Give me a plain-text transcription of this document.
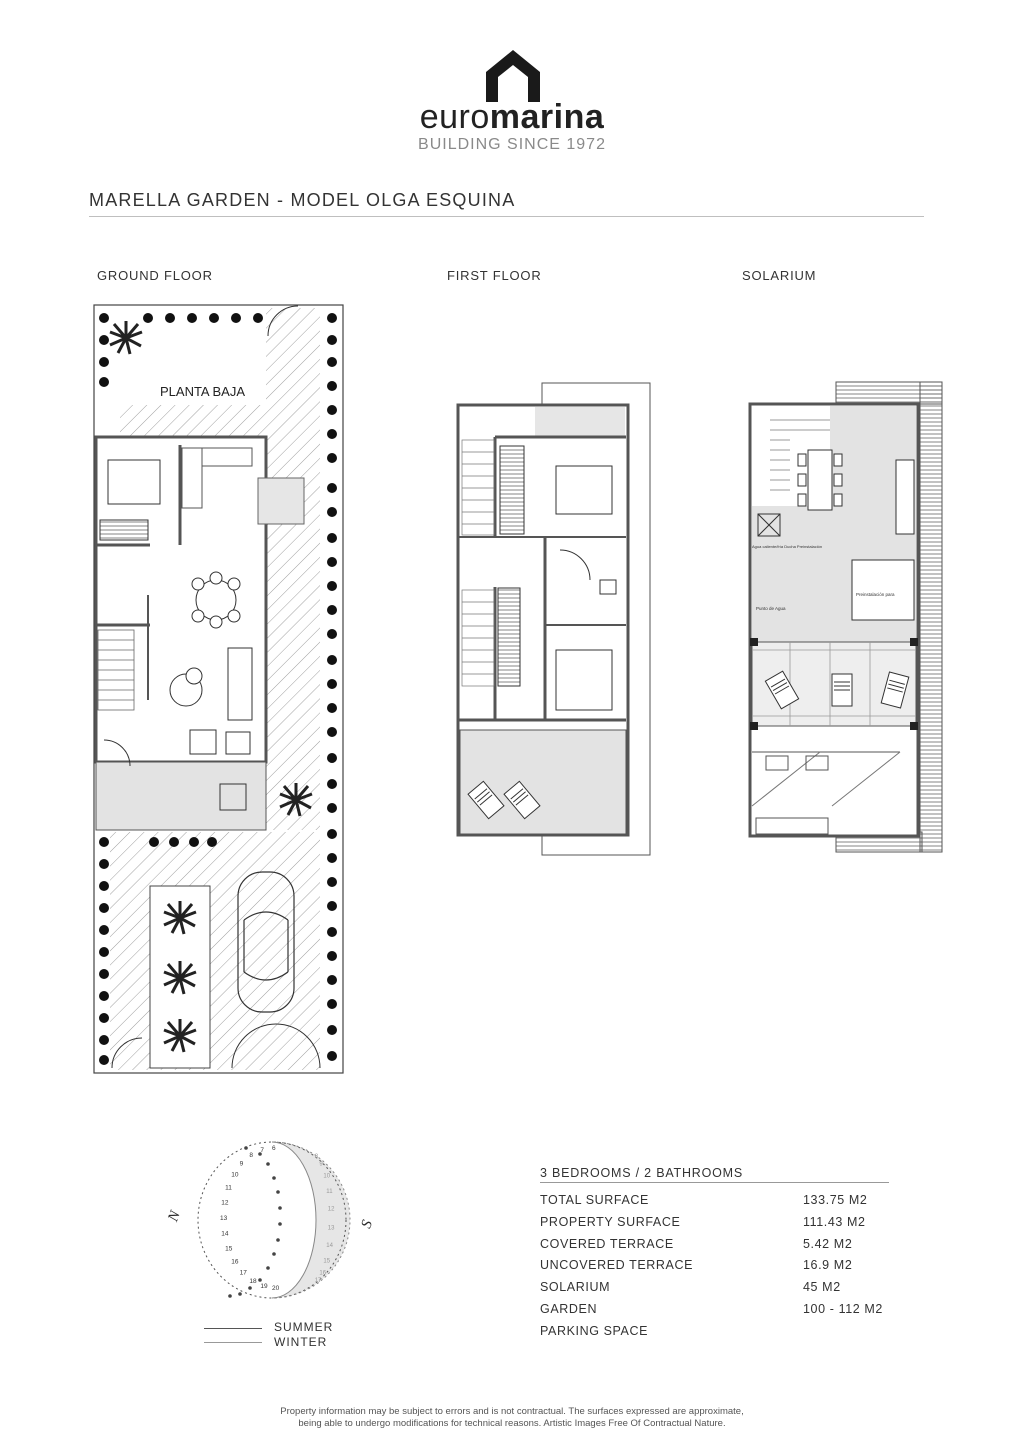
euromarina
BUILDING SINCE 1972
MARELLA GARDEN - MODEL OLGA ESQUINA
GROUND FLOOR	FIRST FLOOR	SOLARIUM
PLANTA BAJA
Punto de Agua
Agua caliente/fría Ducha Preinstalación
Preinstalación para
6
7
8
9
10
11
12
13
14
15
16
17
18
19 20
8
9
10
11
12
13
14
15
16
17
N
S
SUMMER
WINTER
3 BEDROOMS / 2 BATHROOMS
TOTAL SURFACE	133.75 M2
PROPERTY SURFACE	111.43 M2
COVERED TERRACE	5.42 M2
UNCOVERED TERRACE	16.9 M2
SOLARIUM	45 M2
GARDEN	100 - 112 M2
PARKING SPACE
Property information may be subject to errors and is not contractual. The surfaces expressed are approximate,
being able to undergo modifications for technical reasons. Artistic Images Free Of Contractual Nature.
